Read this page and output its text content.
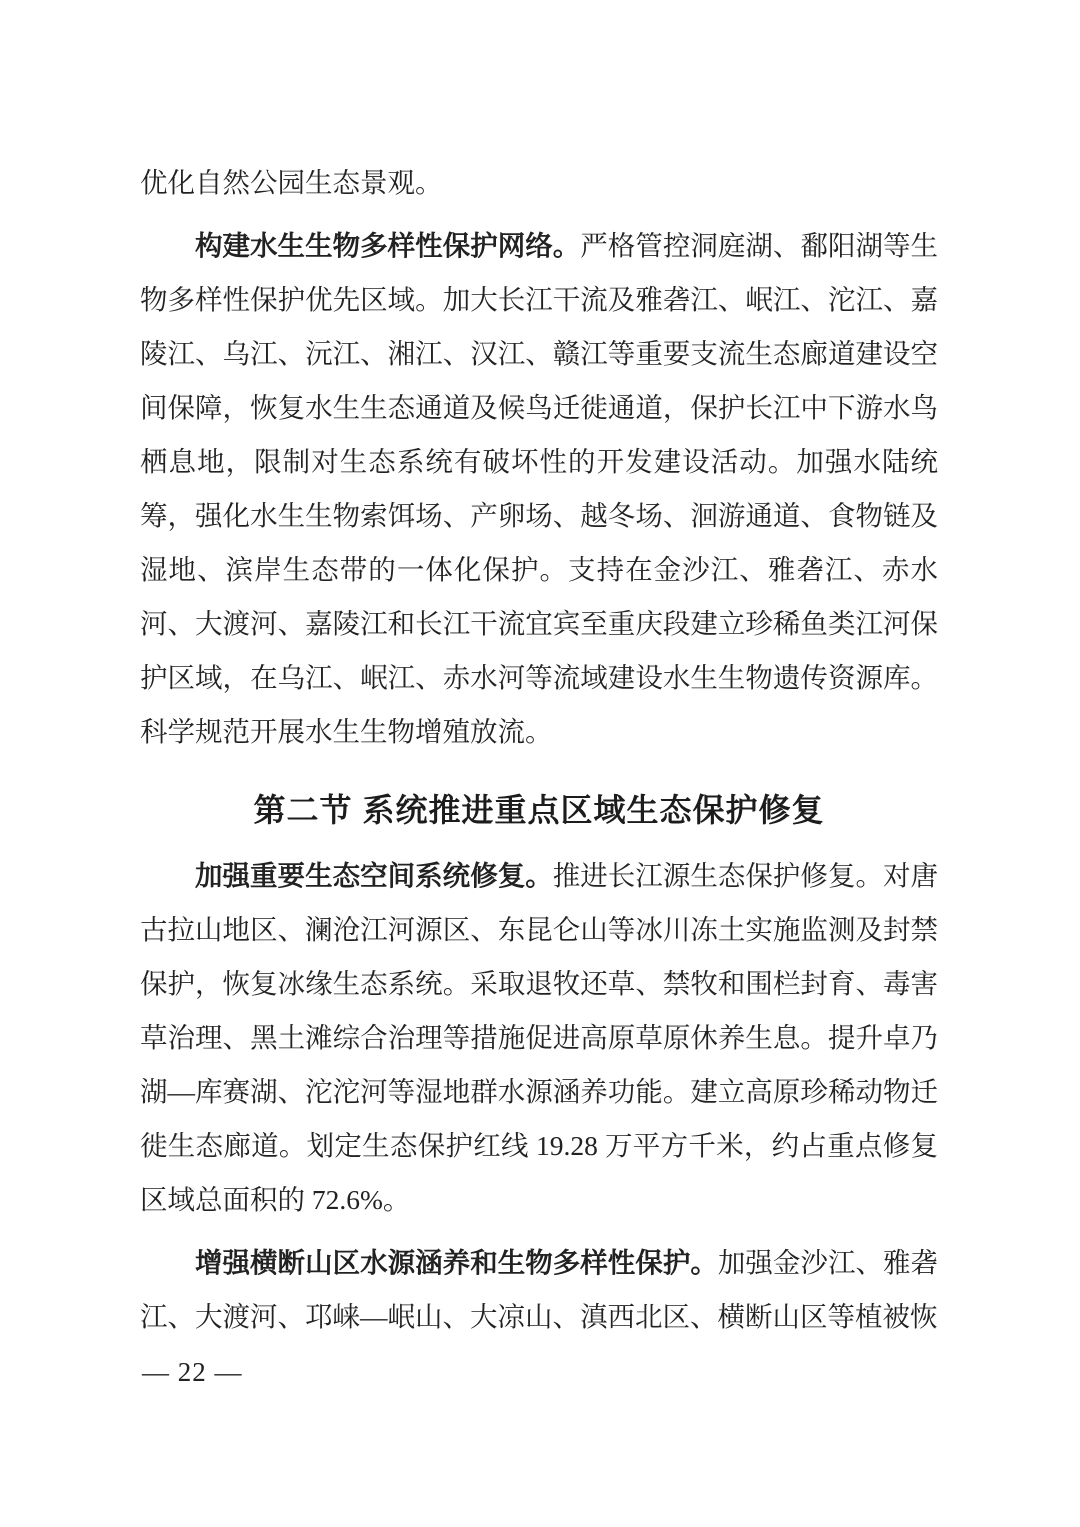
优化自然公园生态景观。

构建水生生物多样性保护网络。严格管控洞庭湖、鄱阳湖等生物多样性保护优先区域。加大长江干流及雅砻江、岷江、沱江、嘉陵江、乌江、沅江、湘江、汉江、赣江等重要支流生态廊道建设空间保障，恢复水生生态通道及候鸟迁徙通道，保护长江中下游水鸟栖息地，限制对生态系统有破坏性的开发建设活动。加强水陆统筹，强化水生生物索饵场、产卵场、越冬场、洄游通道、食物链及湿地、滨岸生态带的一体化保护。支持在金沙江、雅砻江、赤水河、大渡河、嘉陵江和长江干流宜宾至重庆段建立珍稀鱼类江河保护区域，在乌江、岷江、赤水河等流域建设水生生物遗传资源库。科学规范开展水生生物增殖放流。

第二节 系统推进重点区域生态保护修复

加强重要生态空间系统修复。推进长江源生态保护修复。对唐古拉山地区、澜沧江河源区、东昆仑山等冰川冻土实施监测及封禁保护，恢复冰缘生态系统。采取退牧还草、禁牧和围栏封育、毒害草治理、黑土滩综合治理等措施促进高原草原休养生息。提升卓乃湖—库赛湖、沱沱河等湿地群水源涵养功能。建立高原珍稀动物迁徙生态廊道。划定生态保护红线 19.28 万平方千米，约占重点修复区域总面积的 72.6%。

增强横断山区水源涵养和生物多样性保护。加强金沙江、雅砻江、大渡河、邛崃—岷山、大凉山、滇西北区、横断山区等植被恢

— 22 —
